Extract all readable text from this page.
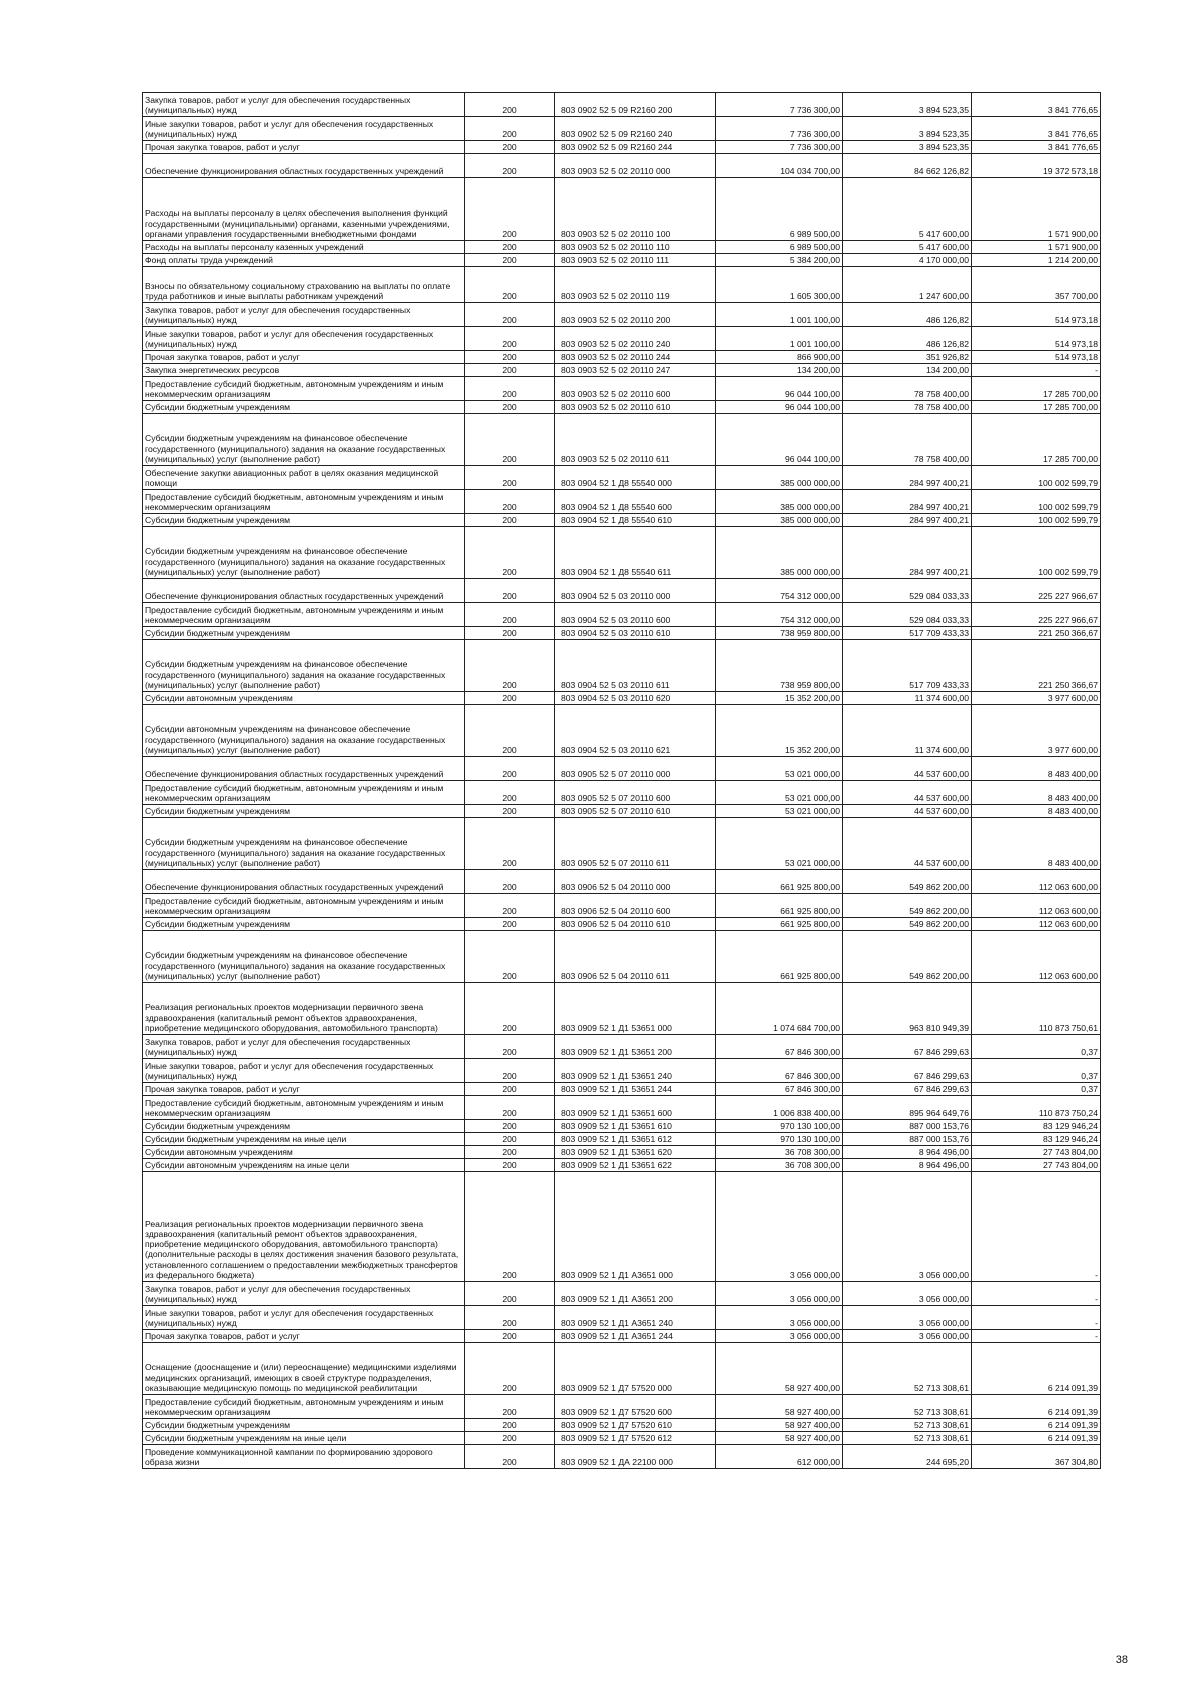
Закупка товаров, работ и услуг для обеспечения государственных (муниципальных) нужд	200	803 0902 52 5 09 R2160 200	7 736 300,00	3 894 523,35	3 841 776,65
Иные закупки товаров, работ и услуг для обеспечения государственных (муниципальных) нужд	200	803 0902 52 5 09 R2160 240	7 736 300,00	3 894 523,35	3 841 776,65
Прочая закупка товаров, работ и услуг	200	803 0902 52 5 09 R2160 244	7 736 300,00	3 894 523,35	3 841 776,65
Обеспечение функционирования областных государственных учреждений	200	803 0903 52 5 02 20110 000	104 034 700,00	84 662 126,82	19 372 573,18
Расходы на выплаты персоналу в целях обеспечения выполнения функций государственными (муниципальными) органами, казенными учреждениями, органами управления государственными внебюджетными фондами	200	803 0903 52 5 02 20110 100	6 989 500,00	5 417 600,00	1 571 900,00
Расходы на выплаты персоналу казенных учреждений	200	803 0903 52 5 02 20110 110	6 989 500,00	5 417 600,00	1 571 900,00
Фонд оплаты труда учреждений	200	803 0903 52 5 02 20110 111	5 384 200,00	4 170 000,00	1 214 200,00
Взносы по обязательному социальному страхованию на выплаты по оплате труда работников и иные выплаты работникам учреждений	200	803 0903 52 5 02 20110 119	1 605 300,00	1 247 600,00	357 700,00
Закупка товаров, работ и услуг для обеспечения государственных (муниципальных) нужд	200	803 0903 52 5 02 20110 200	1 001 100,00	486 126,82	514 973,18
Иные закупки товаров, работ и услуг для обеспечения государственных (муниципальных) нужд	200	803 0903 52 5 02 20110 240	1 001 100,00	486 126,82	514 973,18
Прочая закупка товаров, работ и услуг	200	803 0903 52 5 02 20110 244	866 900,00	351 926,82	514 973,18
Закупка энергетических ресурсов	200	803 0903 52 5 02 20110 247	134 200,00	134 200,00	-
Предоставление субсидий бюджетным, автономным учреждениям и иным некоммерческим организациям	200	803 0903 52 5 02 20110 600	96 044 100,00	78 758 400,00	17 285 700,00
Субсидии бюджетным учреждениям	200	803 0903 52 5 02 20110 610	96 044 100,00	78 758 400,00	17 285 700,00
Субсидии бюджетным учреждениям на финансовое обеспечение государственного (муниципального) задания на оказание государственных (муниципальных) услуг (выполнение работ)	200	803 0903 52 5 02 20110 611	96 044 100,00	78 758 400,00	17 285 700,00
Обеспечение закупки авиационных работ в целях оказания медицинской помощи	200	803 0904 52 1 Д8 55540 000	385 000 000,00	284 997 400,21	100 002 599,79
Предоставление субсидий бюджетным, автономным учреждениям и иным некоммерческим организациям	200	803 0904 52 1 Д8 55540 600	385 000 000,00	284 997 400,21	100 002 599,79
Субсидии бюджетным учреждениям	200	803 0904 52 1 Д8 55540 610	385 000 000,00	284 997 400,21	100 002 599,79
Субсидии бюджетным учреждениям на финансовое обеспечение государственного (муниципального) задания на оказание государственных (муниципальных) услуг (выполнение работ)	200	803 0904 52 1 Д8 55540 611	385 000 000,00	284 997 400,21	100 002 599,79
Обеспечение функционирования областных государственных учреждений	200	803 0904 52 5 03 20110 000	754 312 000,00	529 084 033,33	225 227 966,67
Предоставление субсидий бюджетным, автономным учреждениям и иным некоммерческим организациям	200	803 0904 52 5 03 20110 600	754 312 000,00	529 084 033,33	225 227 966,67
Субсидии бюджетным учреждениям	200	803 0904 52 5 03 20110 610	738 959 800,00	517 709 433,33	221 250 366,67
Субсидии бюджетным учреждениям на финансовое обеспечение государственного (муниципального) задания на оказание государственных (муниципальных) услуг (выполнение работ)	200	803 0904 52 5 03 20110 611	738 959 800,00	517 709 433,33	221 250 366,67
Субсидии автономным учреждениям	200	803 0904 52 5 03 20110 620	15 352 200,00	11 374 600,00	3 977 600,00
Субсидии автономным учреждениям на финансовое обеспечение государственного (муниципального) задания на оказание государственных (муниципальных) услуг (выполнение работ)	200	803 0904 52 5 03 20110 621	15 352 200,00	11 374 600,00	3 977 600,00
Обеспечение функционирования областных государственных учреждений	200	803 0905 52 5 07 20110 000	53 021 000,00	44 537 600,00	8 483 400,00
Предоставление субсидий бюджетным, автономным учреждениям и иным некоммерческим организациям	200	803 0905 52 5 07 20110 600	53 021 000,00	44 537 600,00	8 483 400,00
Субсидии бюджетным учреждениям	200	803 0905 52 5 07 20110 610	53 021 000,00	44 537 600,00	8 483 400,00
Субсидии бюджетным учреждениям на финансовое обеспечение государственного (муниципального) задания на оказание государственных (муниципальных) услуг (выполнение работ)	200	803 0905 52 5 07 20110 611	53 021 000,00	44 537 600,00	8 483 400,00
Обеспечение функционирования областных государственных учреждений	200	803 0906 52 5 04 20110 000	661 925 800,00	549 862 200,00	112 063 600,00
Предоставление субсидий бюджетным, автономным учреждениям и иным некоммерческим организациям	200	803 0906 52 5 04 20110 600	661 925 800,00	549 862 200,00	112 063 600,00
Субсидии бюджетным учреждениям	200	803 0906 52 5 04 20110 610	661 925 800,00	549 862 200,00	112 063 600,00
Субсидии бюджетным учреждениям на финансовое обеспечение государственного (муниципального) задания на оказание государственных (муниципальных) услуг (выполнение работ)	200	803 0906 52 5 04 20110 611	661 925 800,00	549 862 200,00	112 063 600,00
Реализация региональных проектов модернизации первичного звена здравоохранения (капитальный ремонт объектов здравоохранения, приобретение медицинского оборудования, автомобильного транспорта)	200	803 0909 52 1 Д1 53651 000	1 074 684 700,00	963 810 949,39	110 873 750,61
Закупка товаров, работ и услуг для обеспечения государственных (муниципальных) нужд	200	803 0909 52 1 Д1 53651 200	67 846 300,00	67 846 299,63	0,37
Иные закупки товаров, работ и услуг для обеспечения государственных (муниципальных) нужд	200	803 0909 52 1 Д1 53651 240	67 846 300,00	67 846 299,63	0,37
Прочая закупка товаров, работ и услуг	200	803 0909 52 1 Д1 53651 244	67 846 300,00	67 846 299,63	0,37
Предоставление субсидий бюджетным, автономным учреждениям и иным некоммерческим организациям	200	803 0909 52 1 Д1 53651 600	1 006 838 400,00	895 964 649,76	110 873 750,24
Субсидии бюджетным учреждениям	200	803 0909 52 1 Д1 53651 610	970 130 100,00	887 000 153,76	83 129 946,24
Субсидии бюджетным учреждениям на иные цели	200	803 0909 52 1 Д1 53651 612	970 130 100,00	887 000 153,76	83 129 946,24
Субсидии автономным учреждениям	200	803 0909 52 1 Д1 53651 620	36 708 300,00	8 964 496,00	27 743 804,00
Субсидии автономным учреждениям на иные цели	200	803 0909 52 1 Д1 53651 622	36 708 300,00	8 964 496,00	27 743 804,00
Реализация региональных проектов модернизации первичного звена здравоохранения (капитальный ремонт объектов здравоохранения, приобретение медицинского оборудования, автомобильного транспорта) (дополнительные расходы в целях достижения значения базового результата, установленного соглашением о предоставлении межбюджетных трансфертов из федерального бюджета)	200	803 0909 52 1 Д1 А3651 000	3 056 000,00	3 056 000,00	-
Закупка товаров, работ и услуг для обеспечения государственных (муниципальных) нужд	200	803 0909 52 1 Д1 А3651 200	3 056 000,00	3 056 000,00	-
Иные закупки товаров, работ и услуг для обеспечения государственных (муниципальных) нужд	200	803 0909 52 1 Д1 А3651 240	3 056 000,00	3 056 000,00	-
Прочая закупка товаров, работ и услуг	200	803 0909 52 1 Д1 А3651 244	3 056 000,00	3 056 000,00	-
Оснащение (дооснащение и (или) переоснащение) медицинскими изделиями медицинских организаций, имеющих в своей структуре подразделения, оказывающие медицинскую помощь по медицинской реабилитации	200	803 0909 52 1 Д7 57520 000	58 927 400,00	52 713 308,61	6 214 091,39
Предоставление субсидий бюджетным, автономным учреждениям и иным некоммерческим организациям	200	803 0909 52 1 Д7 57520 600	58 927 400,00	52 713 308,61	6 214 091,39
Субсидии бюджетным учреждениям	200	803 0909 52 1 Д7 57520 610	58 927 400,00	52 713 308,61	6 214 091,39
Субсидии бюджетным учреждениям на иные цели	200	803 0909 52 1 Д7 57520 612	58 927 400,00	52 713 308,61	6 214 091,39
Проведение коммуникационной кампании по формированию здорового образа жизни	200	803 0909 52 1 ДА 22100 000	612 000,00	244 695,20	367 304,80
38
